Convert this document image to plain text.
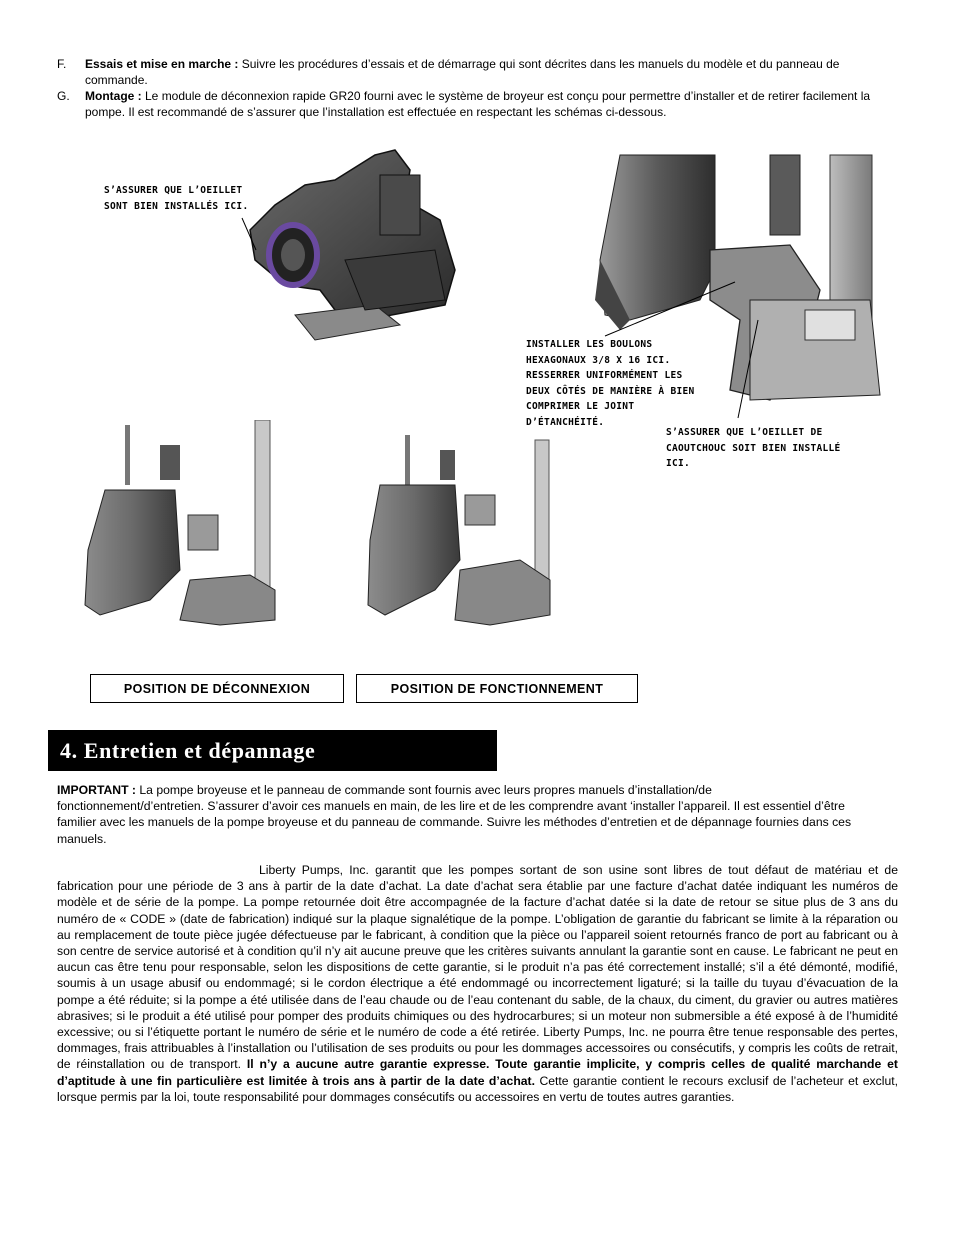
F. Essais et mise en marche : Suivre les procédures d’essais et de démarrage qui sont décrites dans les manuels du modèle et du panneau de commande.
G. Montage : Le module de déconnexion rapide GR20 fourni avec le système de broyeur est conçu pour permettre d’installer et de retirer facilement la pompe. Il est recommandé de s’assurer que l’installation est effectuée en respectant les schémas ci-dessous.
S’ASSURER QUE L’OEILLET
SONT BIEN INSTALLÉS ICI.
INSTALLER LES BOULONS
HEXAGONAUX 3/8 X 16 ICI.
RESSERRER UNIFORMÉMENT LES
DEUX CÔTÉS DE MANIÈRE À BIEN
COMPRIMER LE JOINT
D’ÉTANCHÉITÉ.
S’ASSURER QUE L’OEILLET DE
CAOUTCHOUC SOIT BIEN INSTALLÉ
ICI.
POSITION DE DÉCONNEXION	POSITION DE FONCTIONNEMENT
4. Entretien et dépannage
IMPORTANT : La pompe broyeuse et le panneau de commande sont fournis avec leurs propres manuels d’installation/de fonctionnement/d’entretien. S’assurer d’avoir ces manuels en main, de les lire et de les comprendre avant ‘installer l’appareil. Il est essentiel d’être familier avec les manuels de la pompe broyeuse et du panneau de commande. Suivre les méthodes d’entretien et de dépannage fournies dans ces manuels.
Liberty Pumps, Inc. garantit que les pompes sortant de son usine sont libres de tout défaut de matériau et de fabrication pour une période de 3 ans à partir de la date d’achat. La date d’achat sera établie par une facture d’achat datée indiquant les numéros de modèle et de série de la pompe. La pompe retournée doit être accompagnée de la facture d’achat datée si la date de retour se situe plus de 3 ans du numéro de « CODE » (date de fabrication) indiqué sur la plaque signalétique de la pompe. L’obligation de garantie du fabricant se limite à la réparation ou au remplacement de toute pièce jugée défectueuse par le fabricant, à condition que la pièce ou l’appareil soient retournés franco de port au fabricant ou à son centre de service autorisé et à condition qu’il n’y ait aucune preuve que les critères suivants annulant la garantie sont en cause. Le fabricant ne peut en aucun cas être tenu pour responsable, selon les dispositions de cette garantie, si le produit n’a pas été correctement installé; s’il a été démonté, modifié, soumis à un usage abusif ou endommagé; si le cordon électrique a été endommagé ou incorrectement ligaturé; si la taille du tuyau d’évacuation de la pompe a été réduite; si la pompe a été utilisée dans de l’eau chaude ou de l’eau contenant du sable, de la chaux, du ciment, du gravier ou autres matières abrasives; si le produit a été utilisé pour pomper des produits chimiques ou des hydrocarbures; si un moteur non submersible a été exposé à de l’humidité excessive; ou si l’étiquette portant le numéro de série et le numéro de code a été retirée. Liberty Pumps, Inc. ne pourra être tenue responsable des pertes, dommages, frais attribuables à l’installation ou l’utilisation de ses produits ou pour les dommages accessoires ou consécutifs, y compris les coûts de retrait, de réinstallation ou de transport. Il n’y a aucune autre garantie expresse. Toute garantie implicite, y compris celles de qualité marchande et d’aptitude à une fin particulière est limitée à trois ans à partir de la date d’achat. Cette garantie contient le recours exclusif de l’acheteur et exclut, lorsque permis par la loi, toute responsabilité pour dommages consécutifs ou accessoires en vertu de toutes autres garanties.
